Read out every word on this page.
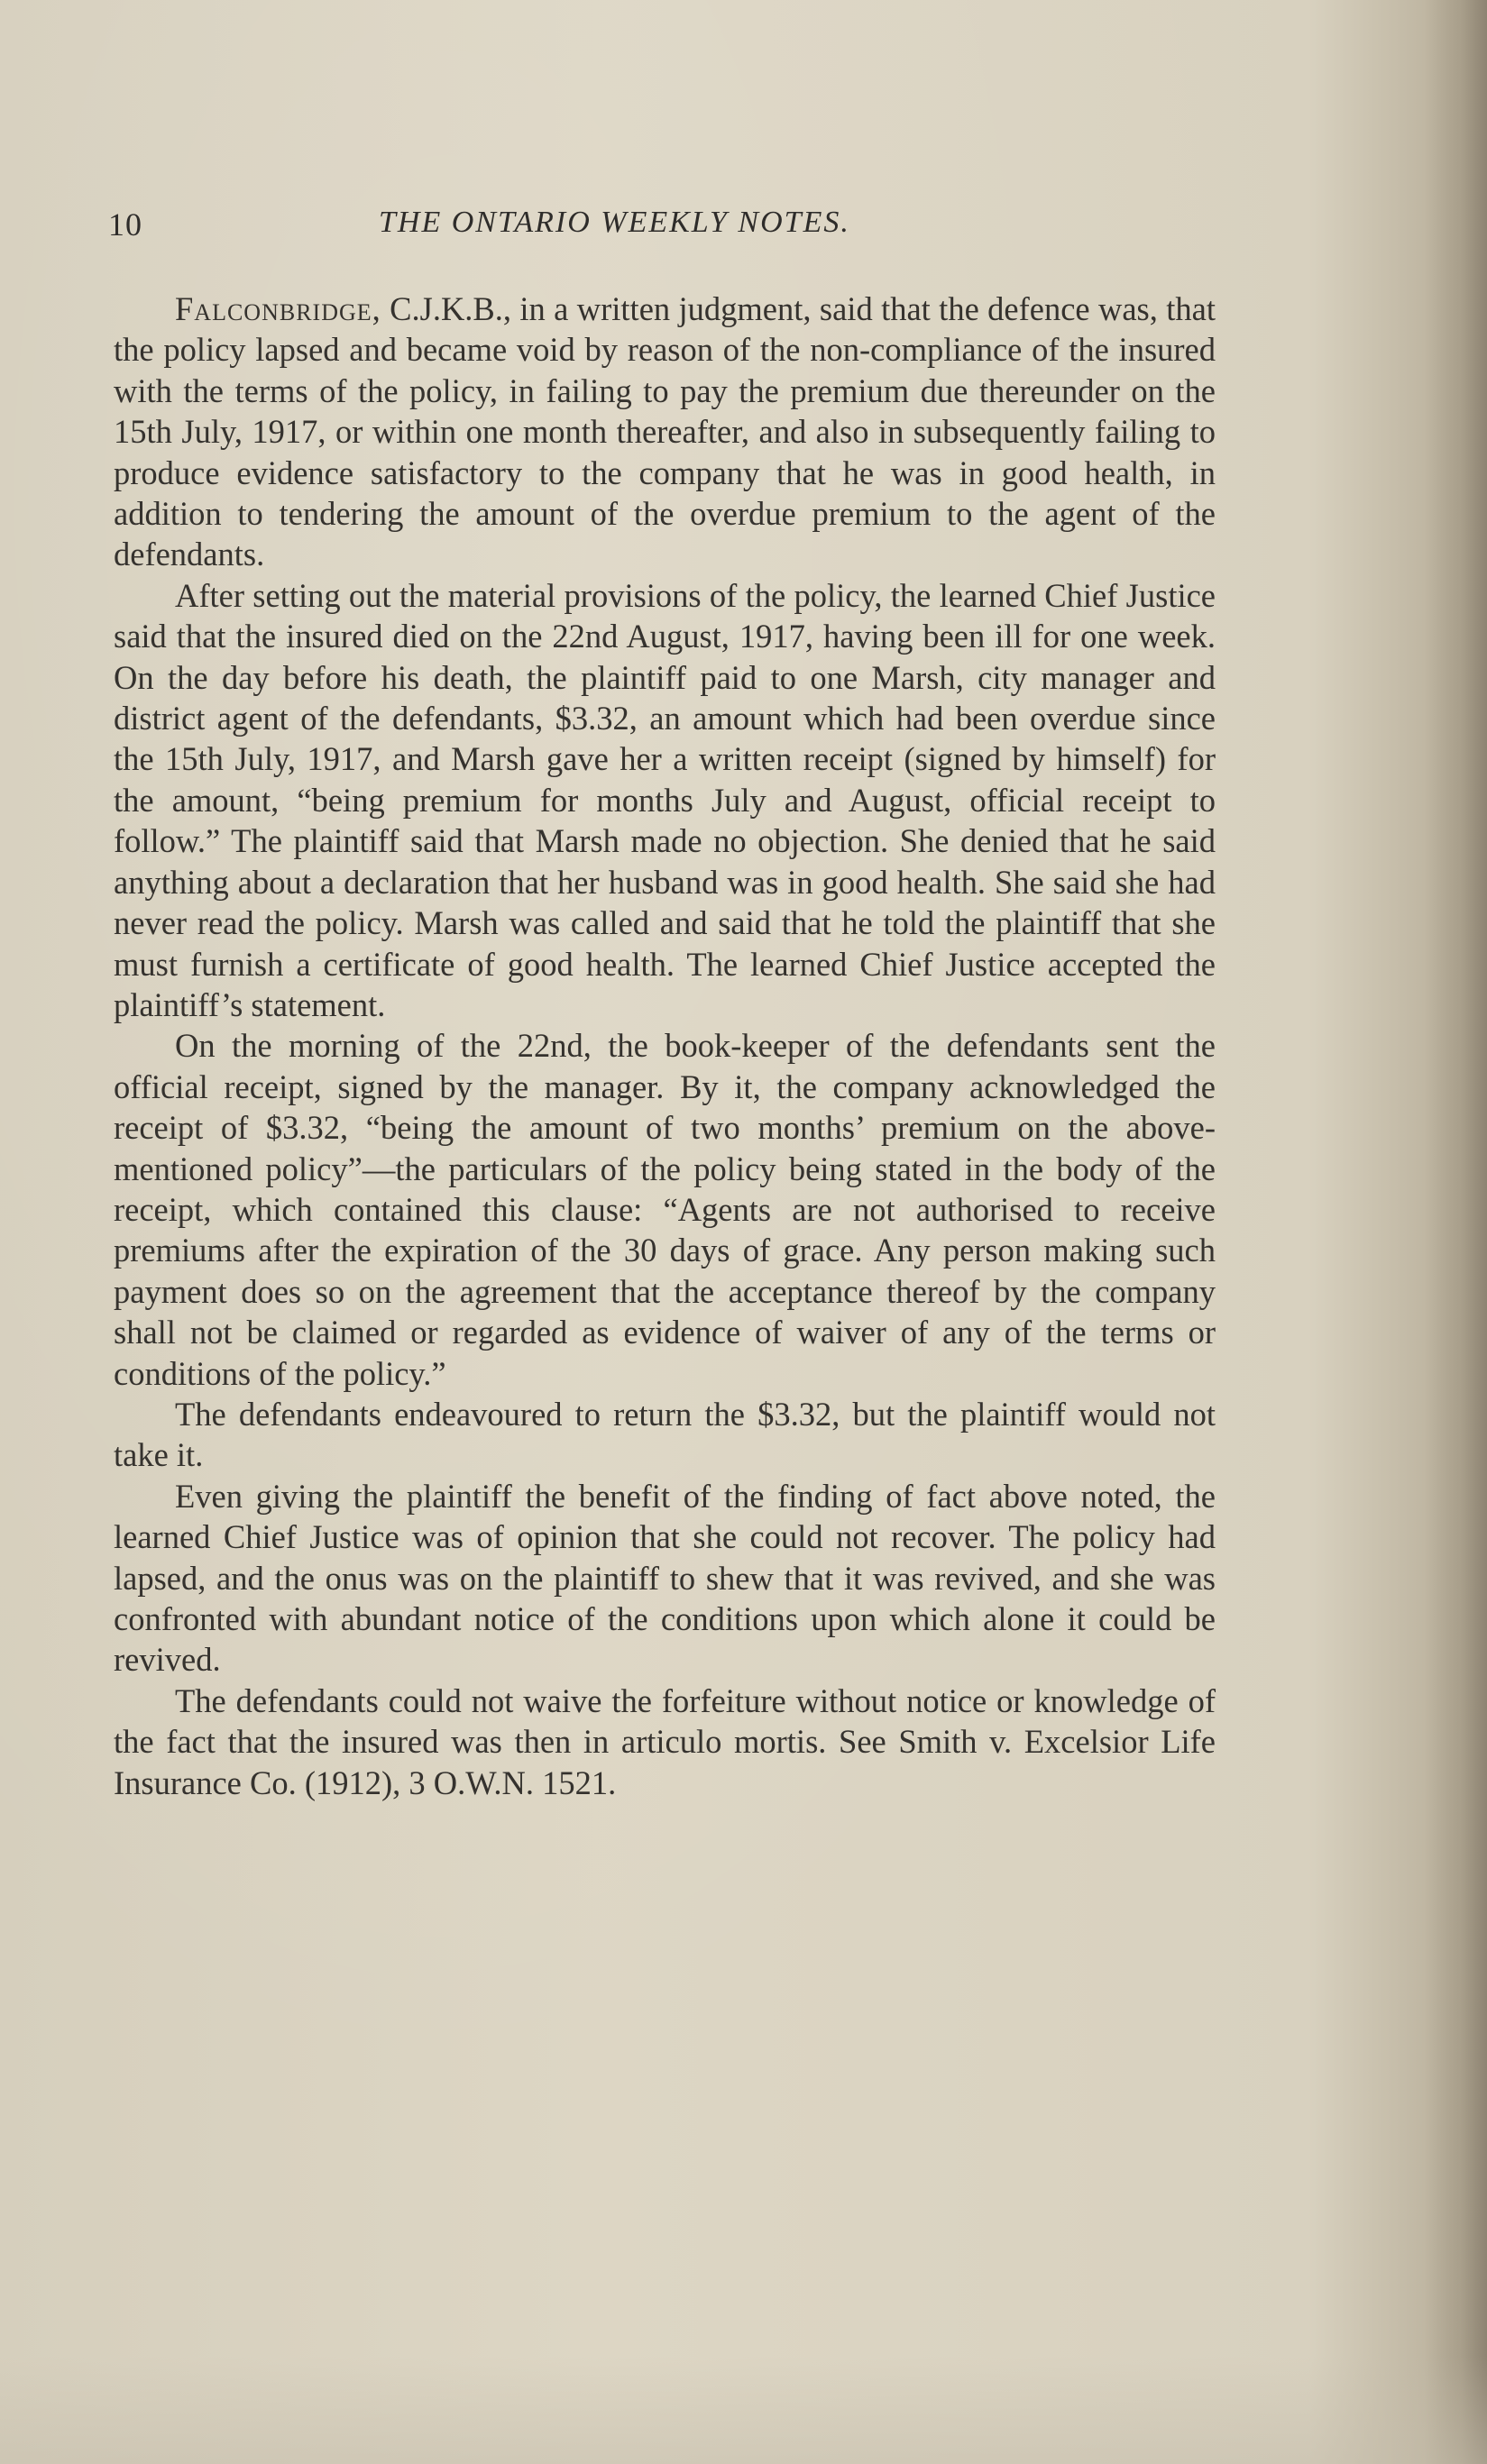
10	THE ONTARIO WEEKLY NOTES.

Falconbridge, C.J.K.B., in a written judgment, said that the defence was, that the policy lapsed and became void by reason of the non-compliance of the insured with the terms of the policy, in failing to pay the premium due thereunder on the 15th July, 1917, or within one month thereafter, and also in subsequently failing to produce evidence satisfactory to the company that he was in good health, in addition to tendering the amount of the overdue premium to the agent of the defendants.

After setting out the material provisions of the policy, the learned Chief Justice said that the insured died on the 22nd August, 1917, having been ill for one week. On the day before his death, the plaintiff paid to one Marsh, city manager and district agent of the defendants, $3.32, an amount which had been overdue since the 15th July, 1917, and Marsh gave her a written receipt (signed by himself) for the amount, “being premium for months July and August, official receipt to follow.” The plaintiff said that Marsh made no objection. She denied that he said anything about a declaration that her husband was in good health. She said she had never read the policy. Marsh was called and said that he told the plaintiff that she must furnish a certificate of good health. The learned Chief Justice accepted the plaintiff’s statement.

On the morning of the 22nd, the book-keeper of the defendants sent the official receipt, signed by the manager. By it, the company acknowledged the receipt of $3.32, “being the amount of two months’ premium on the above-mentioned policy”—the particulars of the policy being stated in the body of the receipt, which contained this clause: “Agents are not authorised to receive premiums after the expiration of the 30 days of grace. Any person making such payment does so on the agreement that the acceptance thereof by the company shall not be claimed or regarded as evidence of waiver of any of the terms or conditions of the policy.”

The defendants endeavoured to return the $3.32, but the plaintiff would not take it.

Even giving the plaintiff the benefit of the finding of fact above noted, the learned Chief Justice was of opinion that she could not recover. The policy had lapsed, and the onus was on the plaintiff to shew that it was revived, and she was confronted with abundant notice of the conditions upon which alone it could be revived.

The defendants could not waive the forfeiture without notice or knowledge of the fact that the insured was then in articulo mortis. See Smith v. Excelsior Life Insurance Co. (1912), 3 O.W.N. 1521.
